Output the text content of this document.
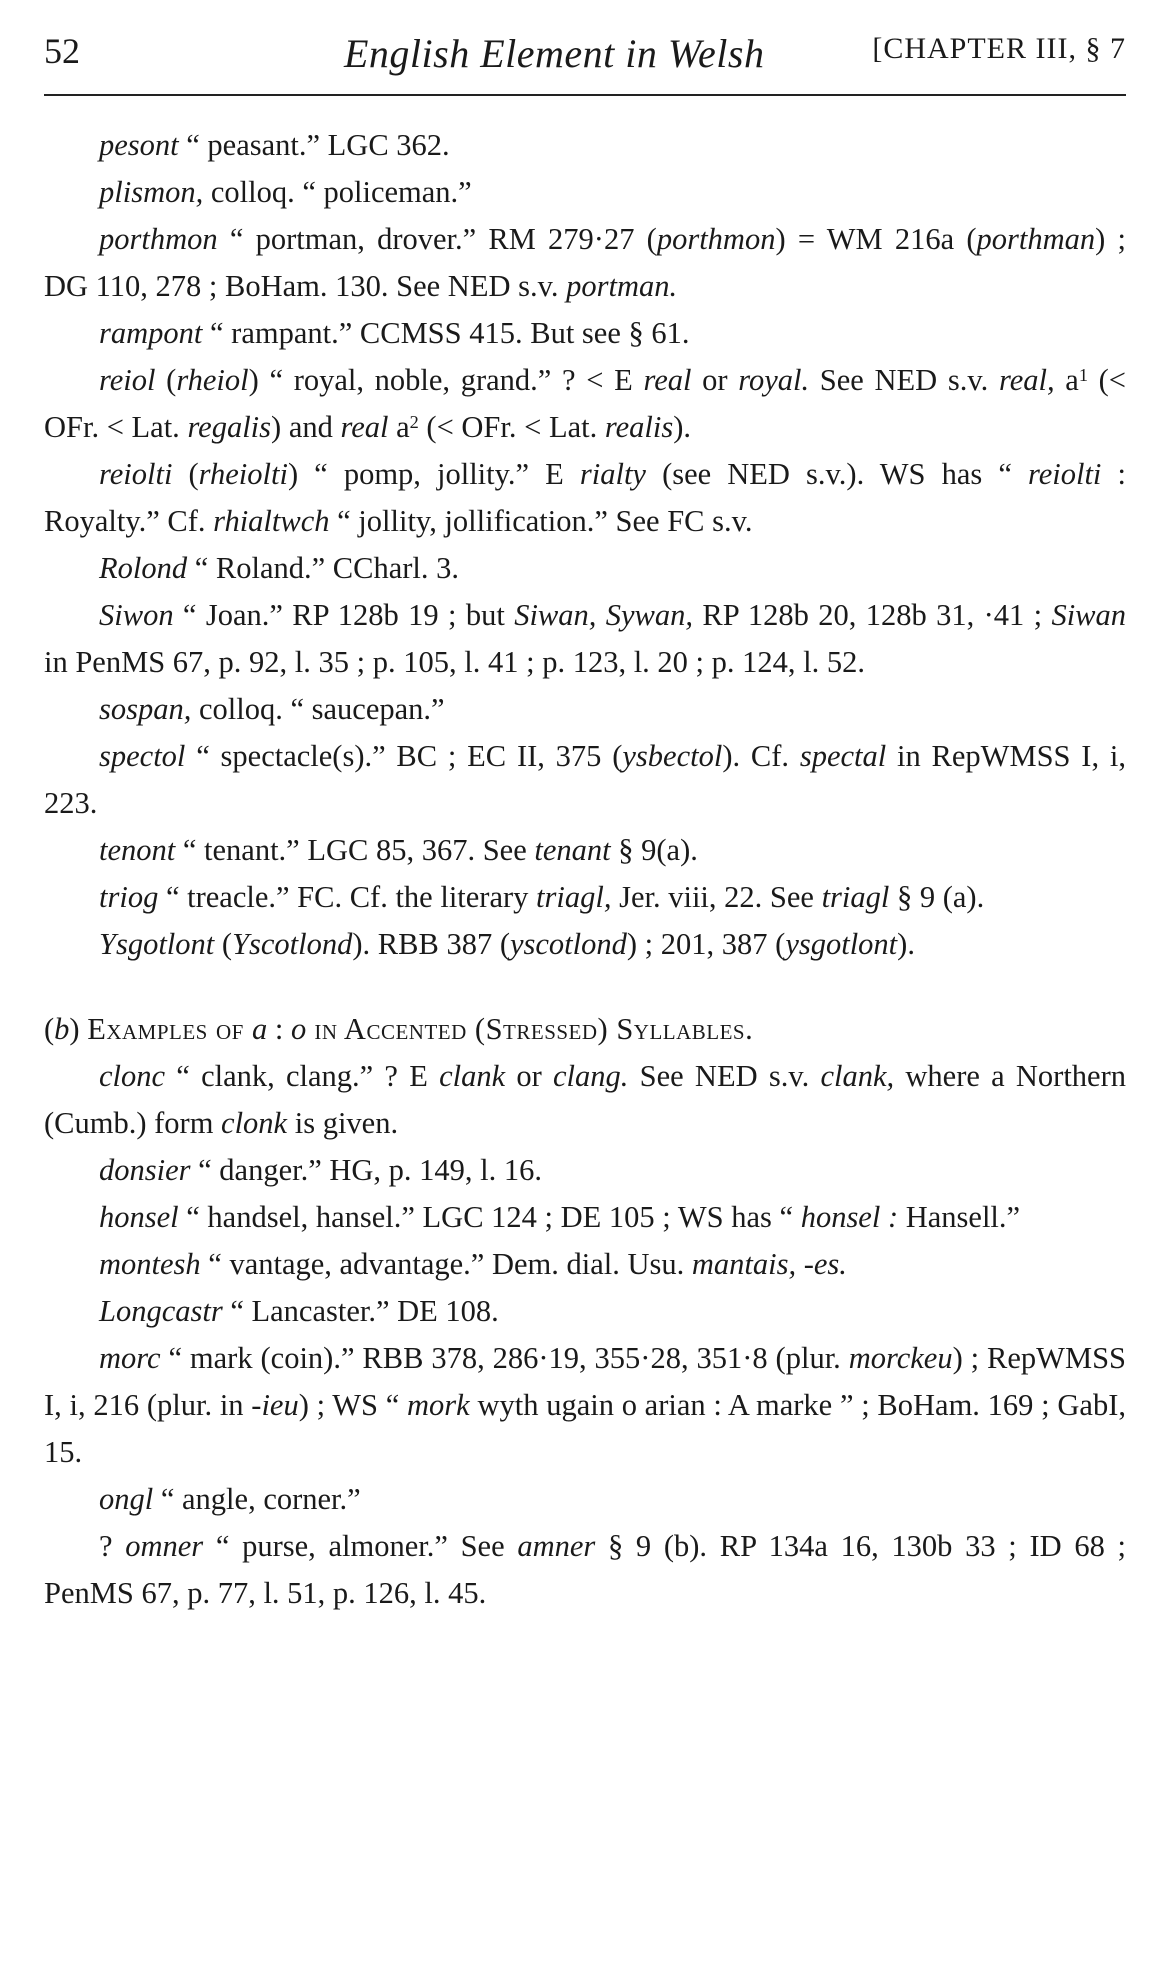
52	English Element in Welsh	[CHAPTER III, § 7

pesont “ peasant.” LGC 362.

plismon, colloq. “ policeman.”

porthmon “ portman, drover.” RM 279·27 (porthmon) = WM 216a (porthman) ; DG 110, 278 ; BoHam. 130. See NED s.v. portman.

rampont “ rampant.” CCMSS 415. But see § 61.

reiol (rheiol) “ royal, noble, grand.” ? < E real or royal. See NED s.v. real, $a^1$ (< OFr. < Lat. regalis) and real $a^2$ (< OFr. < Lat. realis).

reiolti (rheiolti) “ pomp, jollity.” E rialty (see NED s.v.). WS has “ reiolti : Royalty.” Cf. rhialtwch “ jollity, jollification.” See FC s.v.

Rolond “ Roland.” CCharl. 3.

Siwon “ Joan.” RP 128b 19 ; but Siwan, Sywan, RP 128b 20, 128b 31, ·41 ; Siwan in PenMS 67, p. 92, l. 35 ; p. 105, l. 41 ; p. 123, l. 20 ; p. 124, l. 52.

sospan, colloq. “ saucepan.”

spectol “ spectacle(s).” BC ; EC II, 375 (ysbectol). Cf. spectal in RepWMSS I, i, 223.

tenont “ tenant.” LGC 85, 367. See tenant § 9(a).

triog “ treacle.” FC. Cf. the literary triagl, Jer. viii, 22. See triagl § 9 (a).

Ysgotlont (Yscotlond). RBB 387 (yscotlond) ; 201, 387 (ysgotlont).

(b) Examples of a : o in Accented (Stressed) Syllables.

clonc “ clank, clang.” ? E clank or clang. See NED s.v. clank, where a Northern (Cumb.) form clonk is given.

donsier “ danger.” HG, p. 149, l. 16.

honsel “ handsel, hansel.” LGC 124 ; DE 105 ; WS has “ honsel : Hansell.”

montesh “ vantage, advantage.” Dem. dial. Usu. mantais, -es.

Longcastr “ Lancaster.” DE 108.

morc “ mark (coin).” RBB 378, 286·19, 355·28, 351·8 (plur. morckeu) ; RepWMSS I, i, 216 (plur. in -ieu) ; WS “ mork wyth ugain o arian : A marke ” ; BoHam. 169 ; GabI, 15.

ongl “ angle, corner.”

? omner “ purse, almoner.” See amner § 9 (b). RP 134a 16, 130b 33 ; ID 68 ; PenMS 67, p. 77, l. 51, p. 126, l. 45.
